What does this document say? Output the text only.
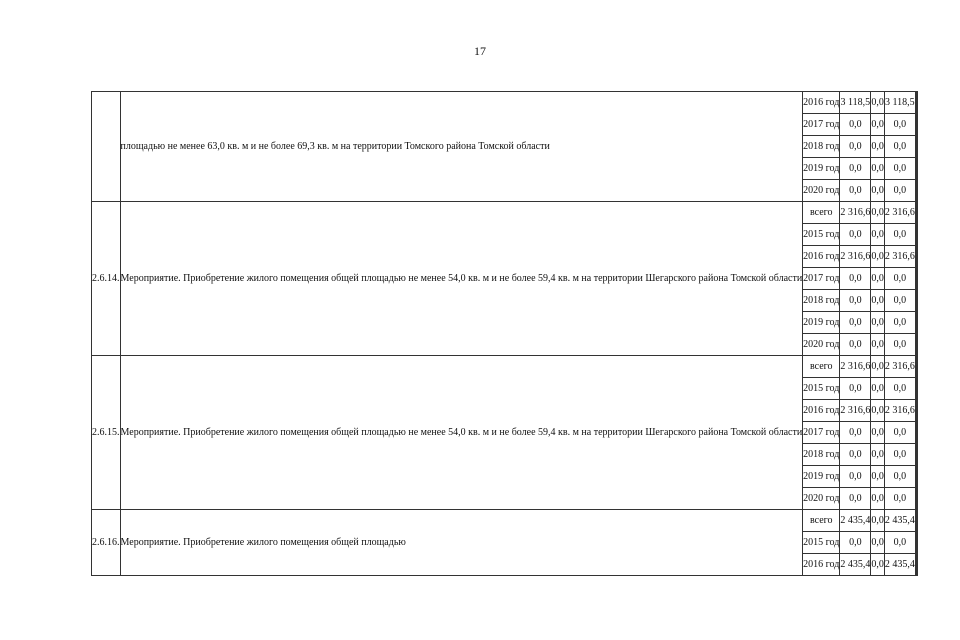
17
	площадью не менее 63,0 кв. м и не более 69,3 кв. м на территории Томского района Томской области	2016 год	3 118,5	0,0	3 118,5		
		2017 год	0,0	0,0	0,0		
		2018 год	0,0	0,0	0,0		
		2019 год	0,0	0,0	0,0		
		2020 год	0,0	0,0	0,0		
2.6.14.	Мероприятие. Приобретение жилого помещения общей площадью не менее 54,0 кв. м и не более 59,4 кв. м на территории Шегарского района Томской области	всего	2 316,6	0,0	2 316,6		
		2015 год	0,0	0,0	0,0		
		2016 год	2 316,6	0,0	2 316,6		
		2017 год	0,0	0,0	0,0		
		2018 год	0,0	0,0	0,0		
		2019 год	0,0	0,0	0,0		
		2020 год	0,0	0,0	0,0		
2.6.15.	Мероприятие. Приобретение жилого помещения общей площадью не менее 54,0 кв. м и не более 59,4 кв. м на территории Шегарского района Томской области	всего	2 316,6	0,0	2 316,6		
		2015 год	0,0	0,0	0,0		
		2016 год	2 316,6	0,0	2 316,6		
		2017 год	0,0	0,0	0,0		
		2018 год	0,0	0,0	0,0		
		2019 год	0,0	0,0	0,0		
		2020 год	0,0	0,0	0,0		
2.6.16.	Мероприятие. Приобретение жилого помещения общей площадью	всего	2 435,4	0,0	2 435,4		
		2015 год	0,0	0,0	0,0		
		2016 год	2 435,4	0,0	2 435,4		
